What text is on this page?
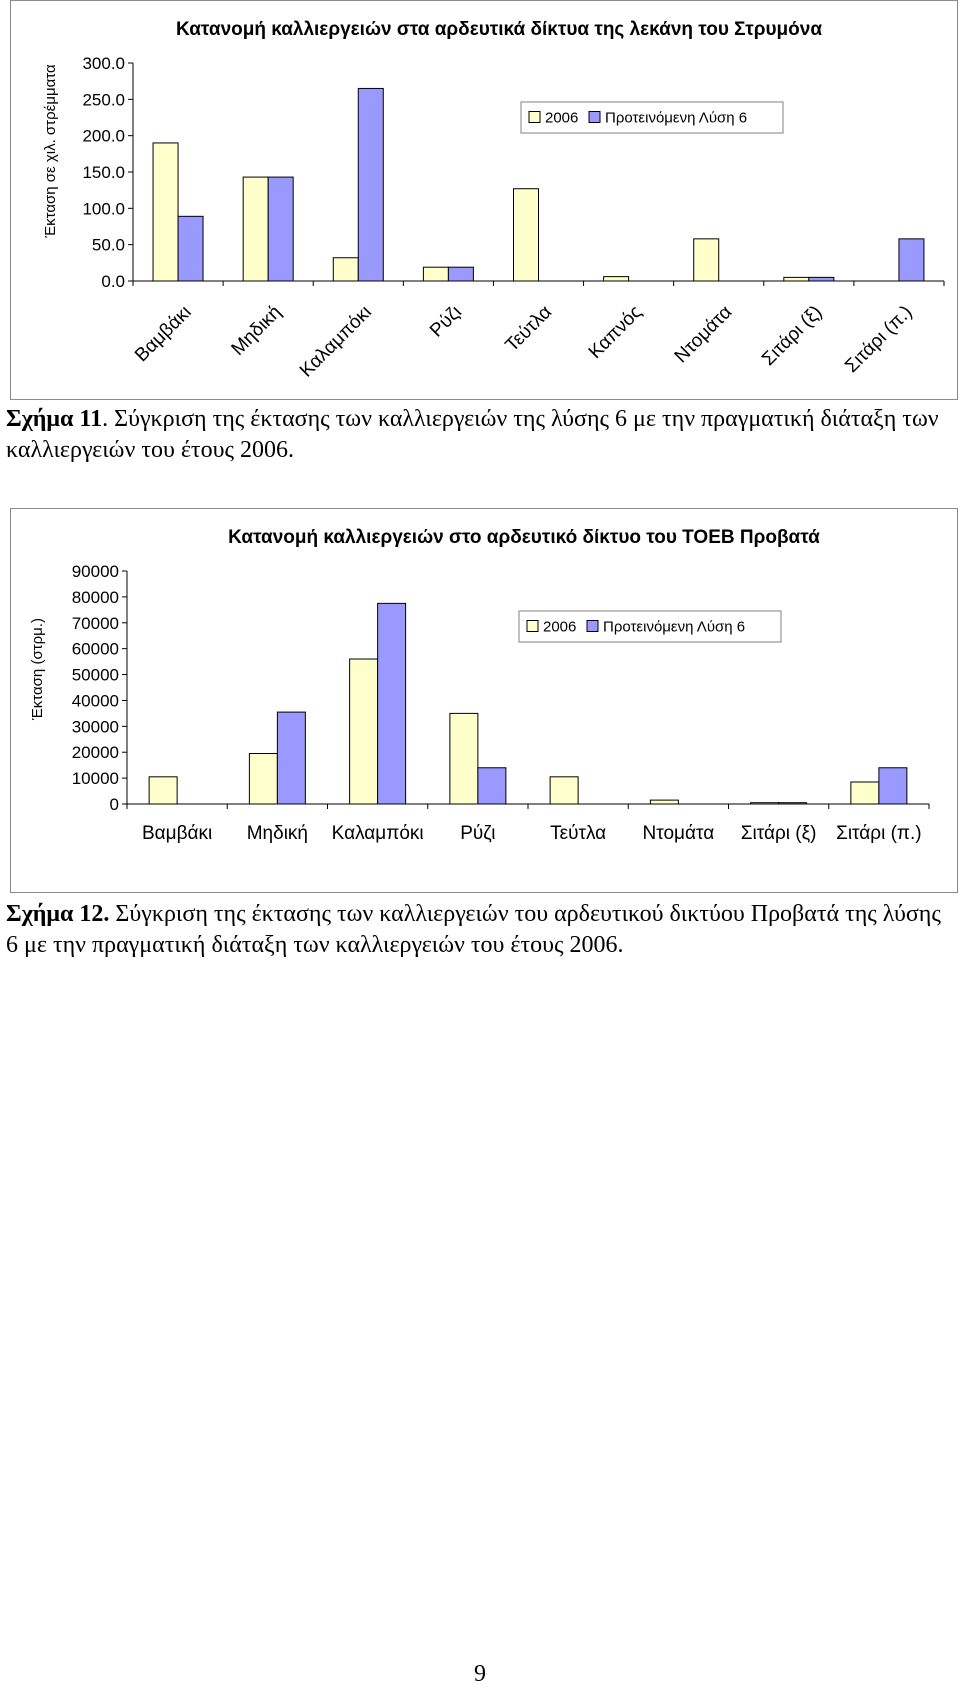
Κατανομή καλλιεργειών στα αρδευτικά δίκτυα της λεκάνη του Στρυμόνα
Έκταση σε χιλ. στρέμματα
0.0
50.0
100.0
150.0
200.0
250.0
300.0
Βαμβάκι Μηδική Καλαμπόκι	Ρύζι Τεύτλα Καπνός Ντομάτα Σιτάρι (ξ) Σιτάρι (π.)
2006 Προτεινόμενη Λύση 6
Σχήμα 11. Σύγκριση της έκτασης των καλλιεργειών της λύσης 6 με την πραγματική διάταξη των καλλιεργειών του έτους 2006.
Κατανομή καλλιεργειών στο αρδευτικό δίκτυο του ΤΟΕΒ Προβατά
Έκταση (στρμ.)
0
10000
20000
30000
40000
50000
60000
70000
80000
90000
Βαμβάκι Μηδική Καλαμπόκι Ρύζι	Τεύτλα Ντομάτα Σιτάρι (ξ) Σιτάρι (π.)
2006 Προτεινόμενη Λύση 6
Σχήμα 12. Σύγκριση της έκτασης των καλλιεργειών του αρδευτικού δικτύου Προβατά της λύσης 6 με την πραγματική διάταξη των καλλιεργειών του έτους 2006.
9
